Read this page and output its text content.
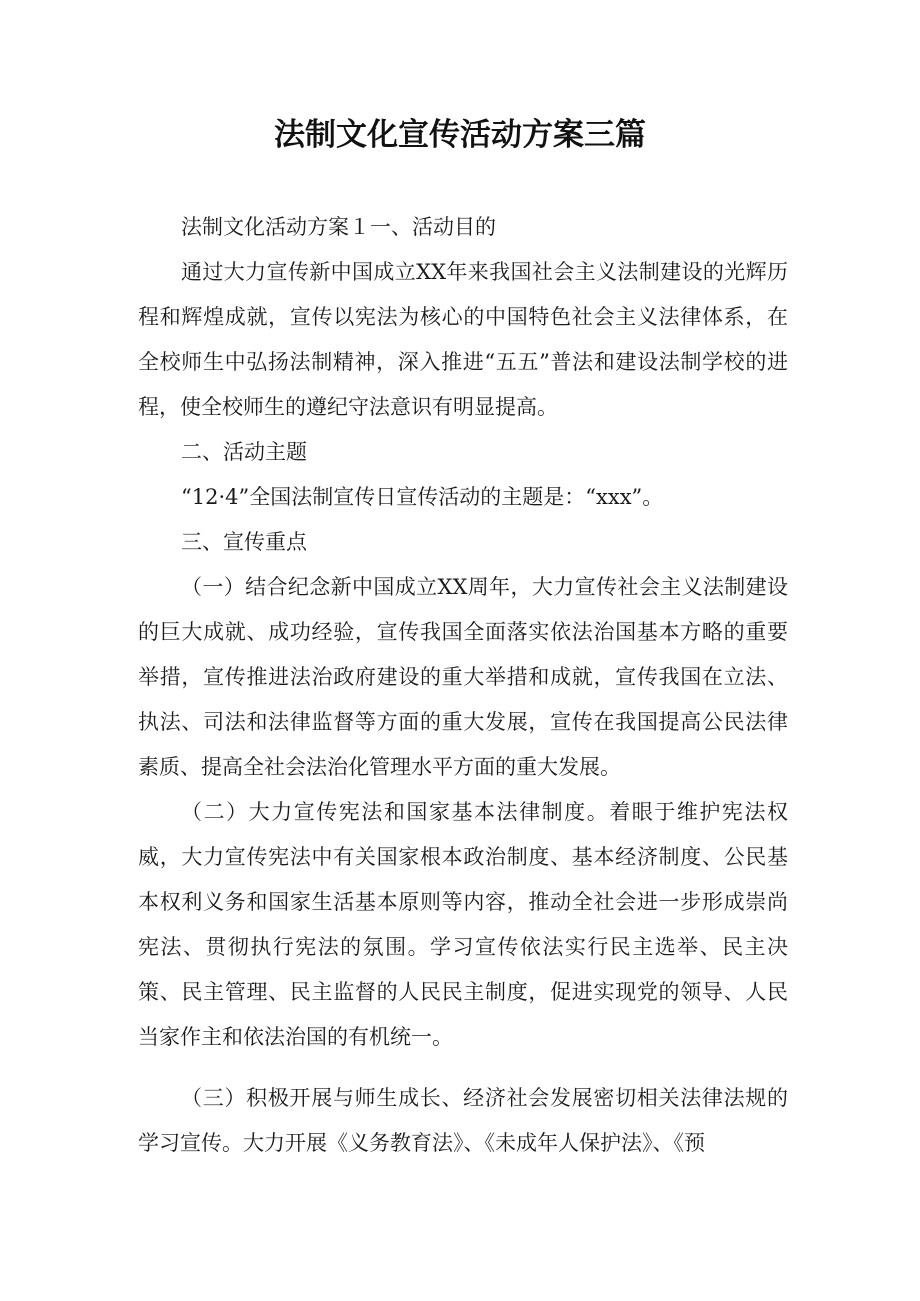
法制文化宣传活动方案三篇

法制文化活动方案１一、活动目的

通过大力宣传新中国成立XX年来我国社会主义法制建设的光辉历程和辉煌成就，宣传以宪法为核心的中国特色社会主义法律体系，在全校师生中弘扬法制精神，深入推进“五五”普法和建设法制学校的进程，使全校师生的遵纪守法意识有明显提高。

二、活动主题

“12·4”全国法制宣传日宣传活动的主题是：“xxx”。

三、宣传重点

（一）结合纪念新中国成立XX周年，大力宣传社会主义法制建设的巨大成就、成功经验，宣传我国全面落实依法治国基本方略的重要举措，宣传推进法治政府建设的重大举措和成就，宣传我国在立法、执法、司法和法律监督等方面的重大发展，宣传在我国提高公民法律素质、提高全社会法治化管理水平方面的重大发展。

（二）大力宣传宪法和国家基本法律制度。着眼于维护宪法权威，大力宣传宪法中有关国家根本政治制度、基本经济制度、公民基本权利义务和国家生活基本原则等内容，推动全社会进一步形成崇尚宪法、贯彻执行宪法的氛围。学习宣传依法实行民主选举、民主决策、民主管理、民主监督的人民民主制度，促进实现党的领导、人民当家作主和依法治国的有机统一。

（三）积极开展与师生成长、经济社会发展密切相关法律法规的学习宣传。大力开展《义务教育法》、《未成年人保护法》、《预
